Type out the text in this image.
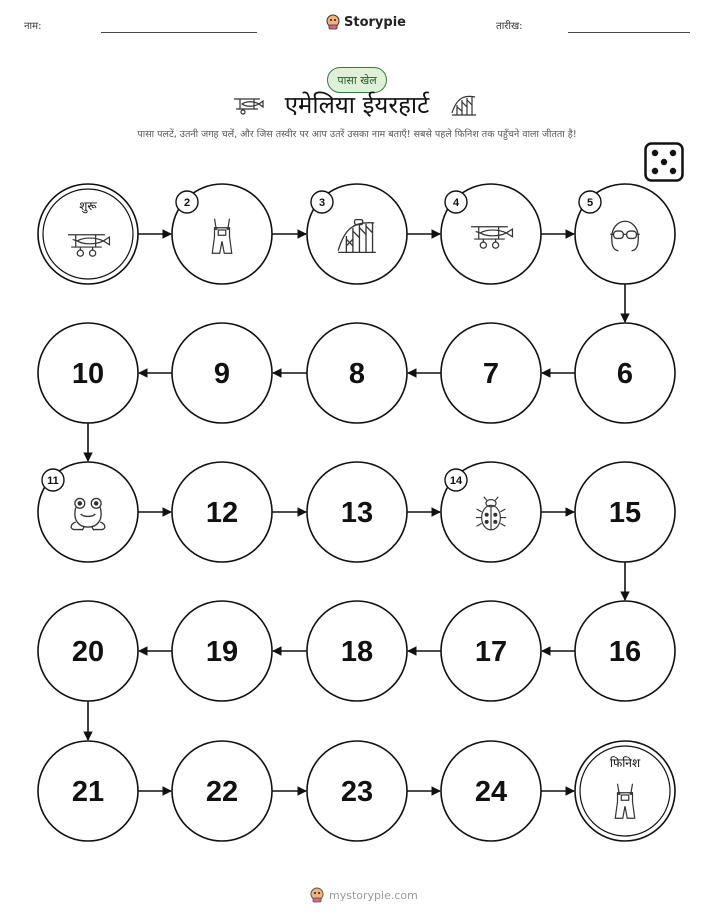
नाम:	Storypie	तारीख:
पासा खेल
एमेलिया ईयरहार्ट
पासा पलटें, उतनी जगह चलें, और जिस तस्वीर पर आप उतरें उसका नाम बताएँ! सबसे पहले फिनिश तक पहुँचने वाला जीतता है!
शुरू	2	3	4	5
6
7
8
9
10
11
12	13
14
15
16
17
18
19
20
21	22	23	24
फिनिश
mystorypie.com
